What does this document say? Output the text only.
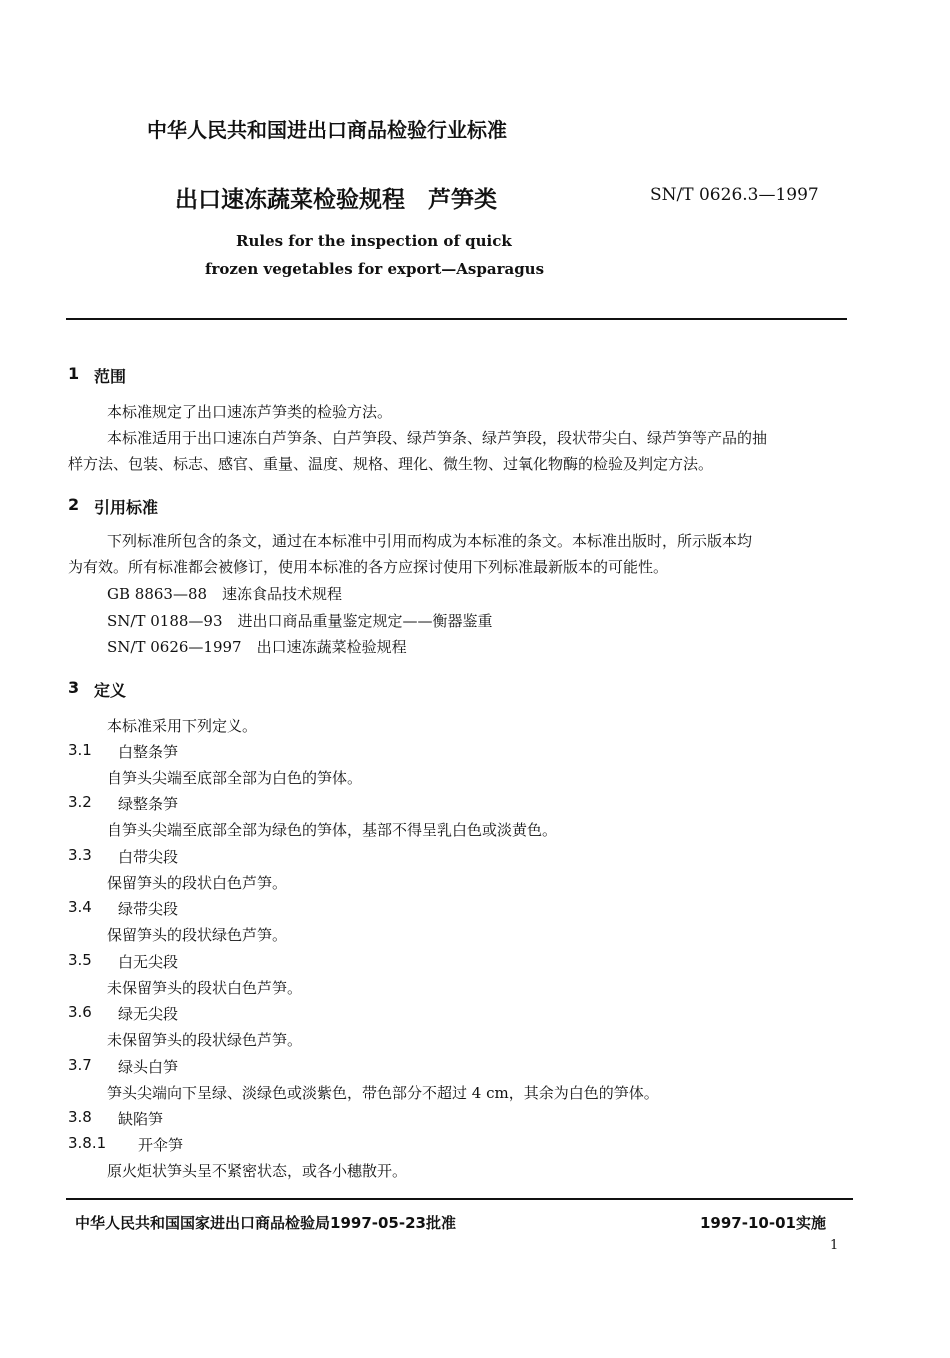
中华人民共和国进出口商品检验行业标准
出口速冻蔬菜检验规程　芦笋类	SN/T 0626.3—1997
Rules for the inspection of quick
frozen vegetables for export—Asparagus
1 范围
本标准规定了出口速冻芦笋类的检验方法。
本标准适用于出口速冻白芦笋条、白芦笋段、绿芦笋条、绿芦笋段，段状带尖白、绿芦笋等产品的抽
样方法、包装、标志、感官、重量、温度、规格、理化、微生物、过氧化物酶的检验及判定方法。
2 引用标准
下列标准所包含的条文，通过在本标准中引用而构成为本标准的条文。本标准出版时，所示版本均
为有效。所有标准都会被修订，使用本标准的各方应探讨使用下列标准最新版本的可能性。
GB 8863—88　速冻食品技术规程
SN/T 0188—93　进出口商品重量鉴定规定——衡器鉴重
SN/T 0626—1997　出口速冻蔬菜检验规程
3 定义
本标准采用下列定义。
3.1 白整条笋
自笋头尖端至底部全部为白色的笋体。
3.2 绿整条笋
自笋头尖端至底部全部为绿色的笋体，基部不得呈乳白色或淡黄色。
3.3 白带尖段
保留笋头的段状白色芦笋。
3.4 绿带尖段
保留笋头的段状绿色芦笋。
3.5 白无尖段
未保留笋头的段状白色芦笋。
3.6 绿无尖段
未保留笋头的段状绿色芦笋。
3.7 绿头白笋
笋头尖端向下呈绿、淡绿色或淡紫色，带色部分不超过 4 cm，其余为白色的笋体。
3.8 缺陷笋
3.8.1 开伞笋
原火炬状笋头呈不紧密状态，或各小穗散开。
中华人民共和国国家进出口商品检验局1997-05-23批准	1997-10-01实施
1
